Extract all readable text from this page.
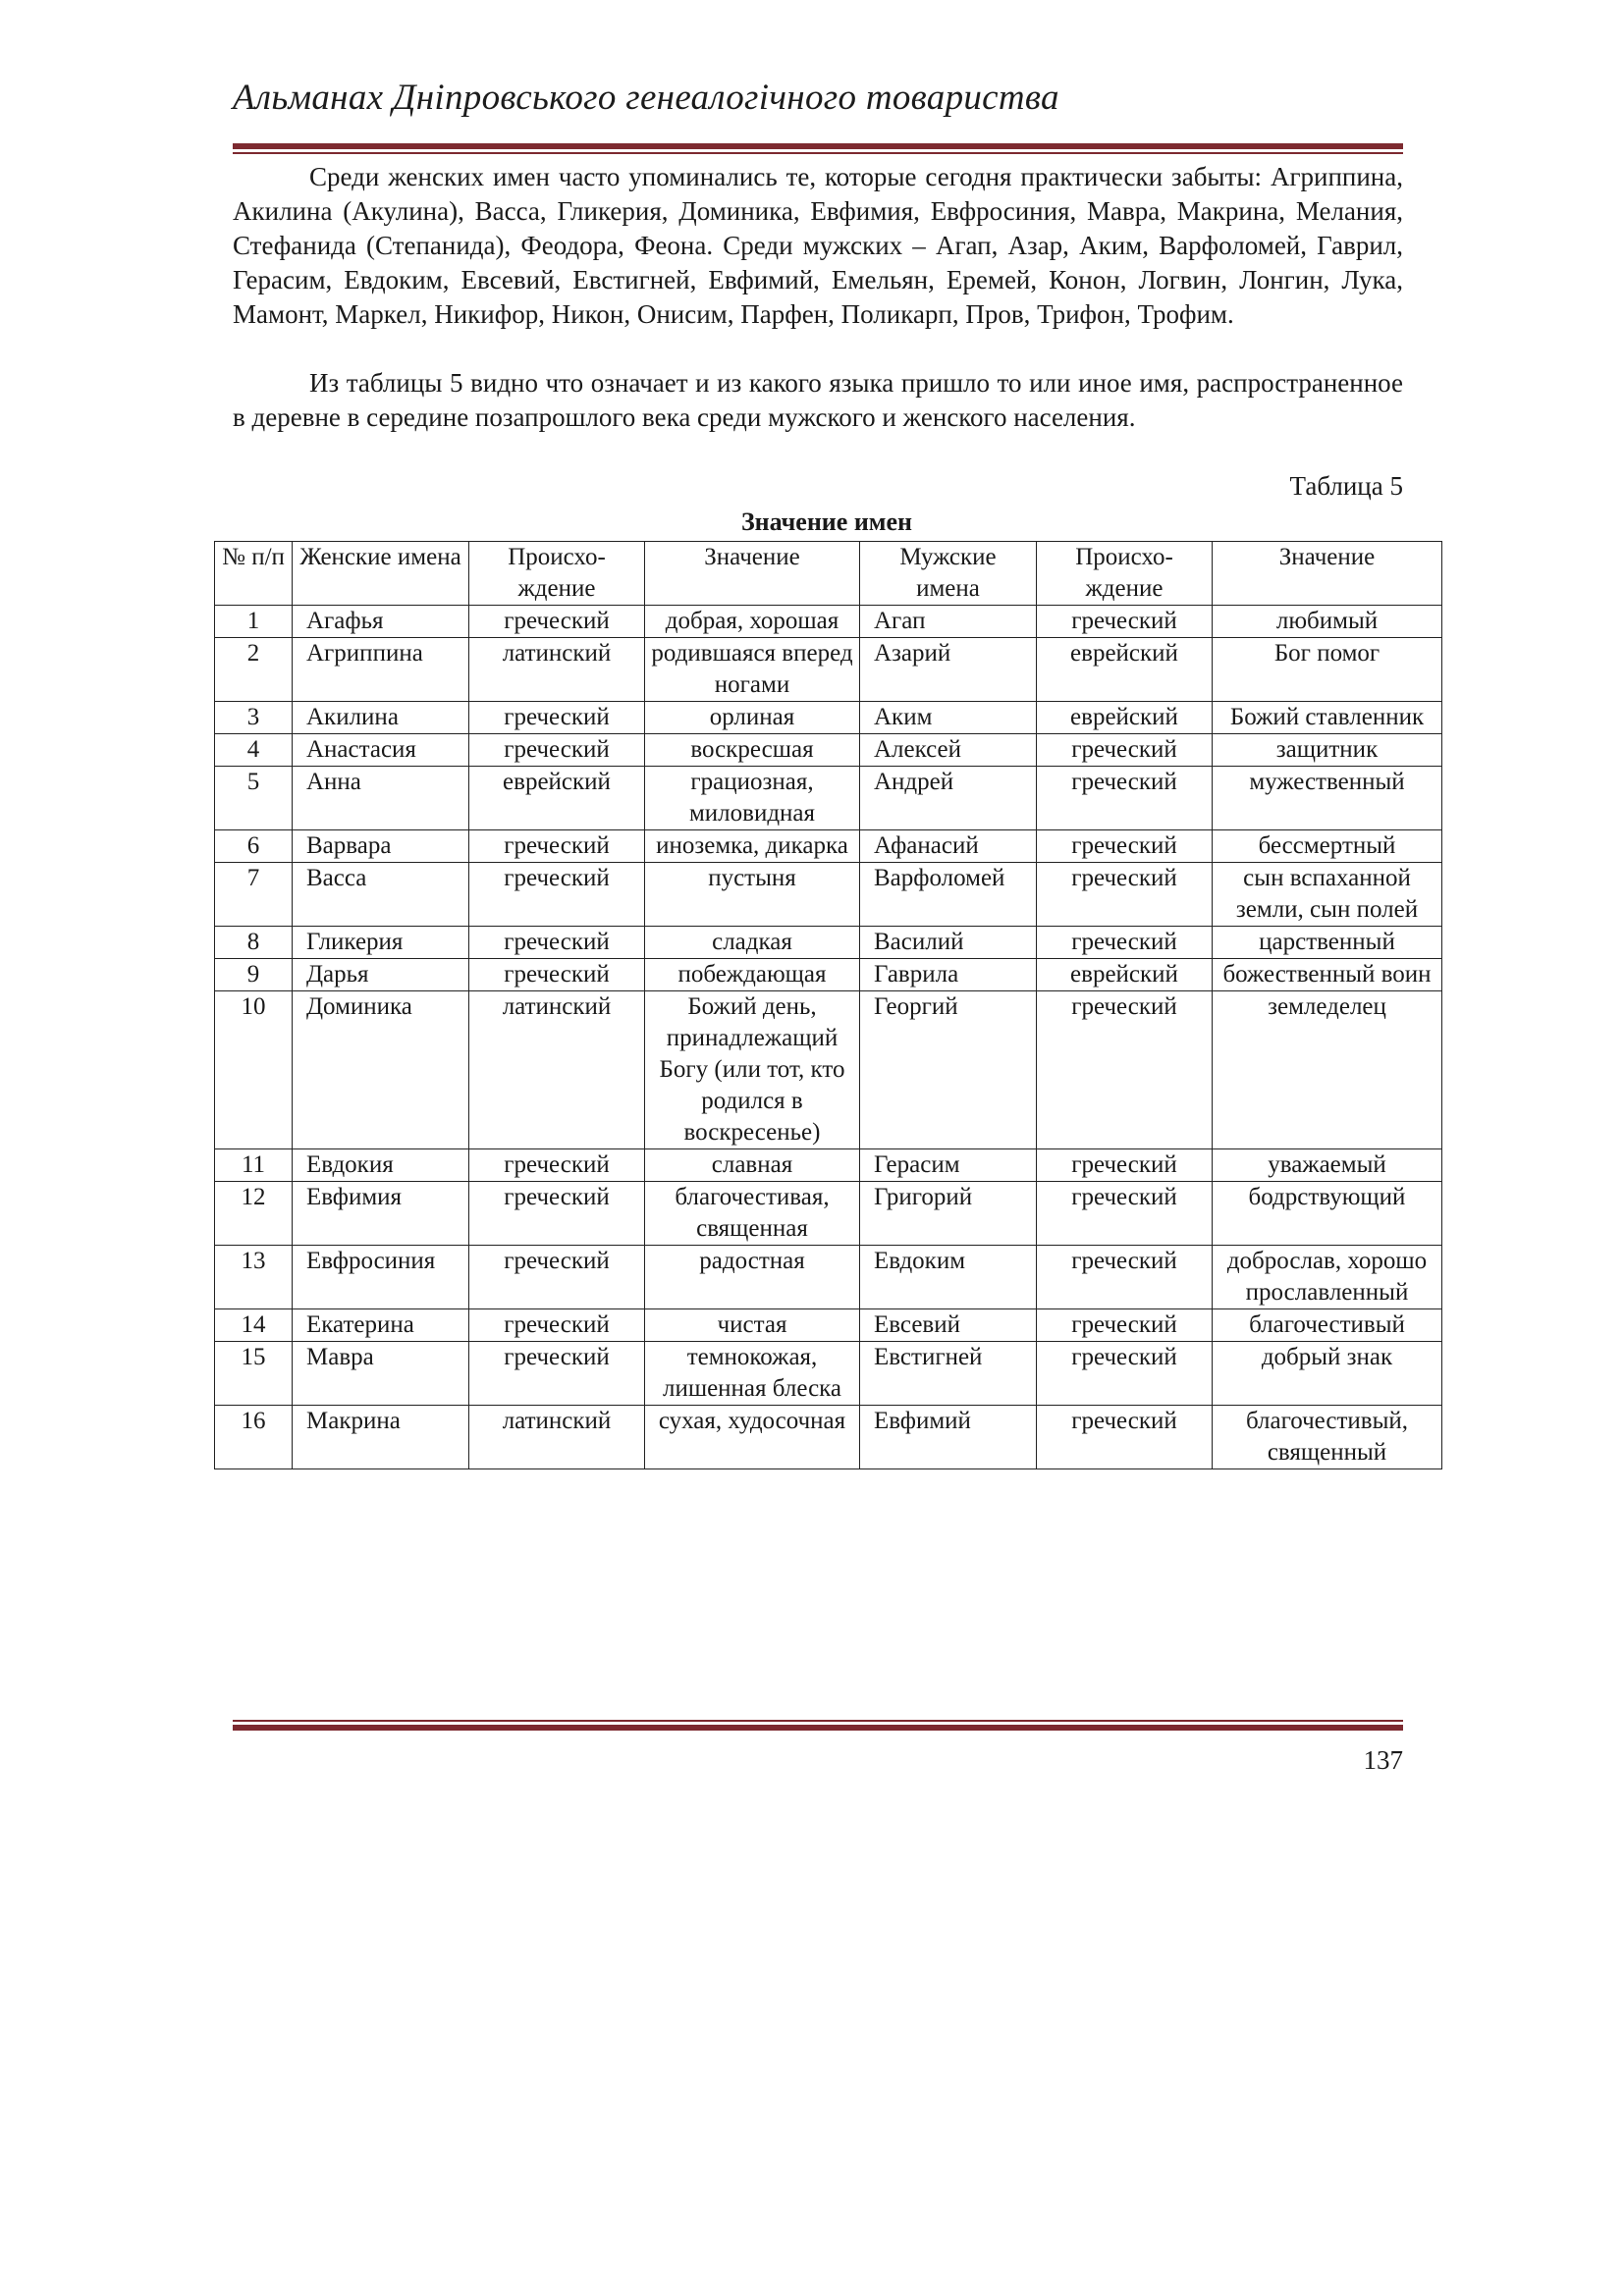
Альманах Дніпровського генеалогічного товариства

Среди женских имен часто упоминались те, которые сегодня практически забыты: Агриппина, Акилина (Акулина), Васса, Гликерия, Доминика, Евфимия, Евфросиния, Мавра, Макрина, Мелания, Стефанида (Степанида), Феодора, Феона. Среди мужских – Агап, Азар, Аким, Варфоломей, Гаврил, Герасим, Евдоким, Евсевий, Евстигней, Евфимий, Емельян, Еремей, Конон, Логвин, Лонгин, Лука, Мамонт, Маркел, Никифор, Никон, Онисим, Парфен, Поликарп, Пров, Трифон, Трофим.

Из таблицы 5 видно что означает и из какого языка пришло то или иное имя, распространенное в деревне в середине позапрошлого века среди мужского и женского населения.

Таблица 5
Значение имен
№ п/п	Женские имена	Происхождение	Значение	Мужские имена	Происхождение	Значение
1	Агафья	греческий	добрая, хорошая	Агап	греческий	любимый
2	Агриппина	латинский	родившаяся вперед ногами	Азарий	еврейский	Бог помог
3	Акилина	греческий	орлиная	Аким	еврейский	Божий ставленник
4	Анастасия	греческий	воскресшая	Алексей	греческий	защитник
5	Анна	еврейский	грациозная, миловидная	Андрей	греческий	мужественный
6	Варвара	греческий	иноземка, дикарка	Афанасий	греческий	бессмертный
7	Васса	греческий	пустыня	Варфоломей	греческий	сын вспаханной земли, сын полей
8	Гликерия	греческий	сладкая	Василий	греческий	царственный
9	Дарья	греческий	побеждающая	Гаврила	еврейский	божественный воин
10	Доминика	латинский	Божий день, принадлежащий Богу (или тот, кто родился в воскресенье)	Георгий	греческий	земледелец
11	Евдокия	греческий	славная	Герасим	греческий	уважаемый
12	Евфимия	греческий	благочестивая, священная	Григорий	греческий	бодрствующий
13	Евфросиния	греческий	радостная	Евдоким	греческий	доброслав, хорошо прославленный
14	Екатерина	греческий	чистая	Евсевий	греческий	благочестивый
15	Мавра	греческий	темнокожая, лишенная блеска	Евстигней	греческий	добрый знак
16	Макрина	латинский	сухая, худосочная	Евфимий	греческий	благочестивый, священный
137
